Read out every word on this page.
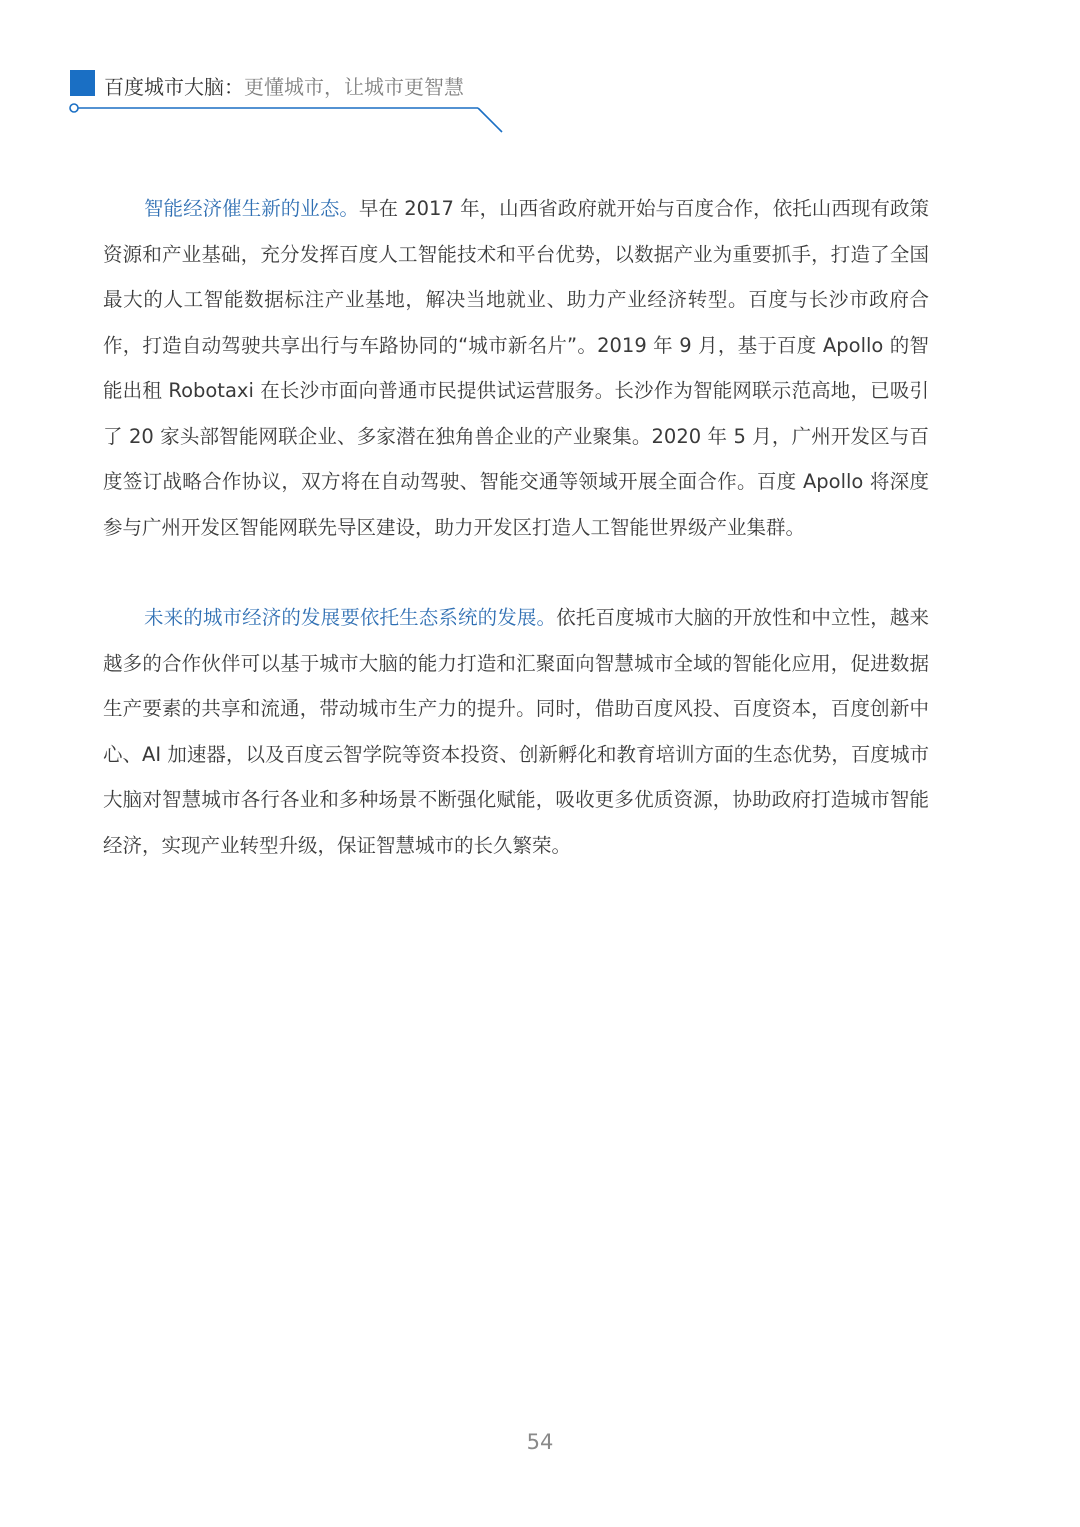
百度城市大脑：更懂城市，让城市更智慧

智能经济催生新的业态。早在 2017 年，山西省政府就开始与百度合作，依托山西现有政策资源和产业基础，充分发挥百度人工智能技术和平台优势，以数据产业为重要抓手，打造了全国最大的人工智能数据标注产业基地，解决当地就业、助力产业经济转型。百度与长沙市政府合作，打造自动驾驶共享出行与车路协同的“城市新名片”。2019 年 9 月，基于百度 Apollo 的智能出租 Robotaxi 在长沙市面向普通市民提供试运营服务。长沙作为智能网联示范高地，已吸引了 20 家头部智能网联企业、多家潜在独角兽企业的产业聚集。2020 年 5 月，广州开发区与百度签订战略合作协议，双方将在自动驾驶、智能交通等领域开展全面合作。百度 Apollo 将深度参与广州开发区智能网联先导区建设，助力开发区打造人工智能世界级产业集群。

未来的城市经济的发展要依托生态系统的发展。依托百度城市大脑的开放性和中立性，越来越多的合作伙伴可以基于城市大脑的能力打造和汇聚面向智慧城市全域的智能化应用，促进数据生产要素的共享和流通，带动城市生产力的提升。同时，借助百度风投、百度资本，百度创新中心、AI 加速器，以及百度云智学院等资本投资、创新孵化和教育培训方面的生态优势，百度城市大脑对智慧城市各行各业和多种场景不断强化赋能，吸收更多优质资源，协助政府打造城市智能经济，实现产业转型升级，保证智慧城市的长久繁荣。

54
